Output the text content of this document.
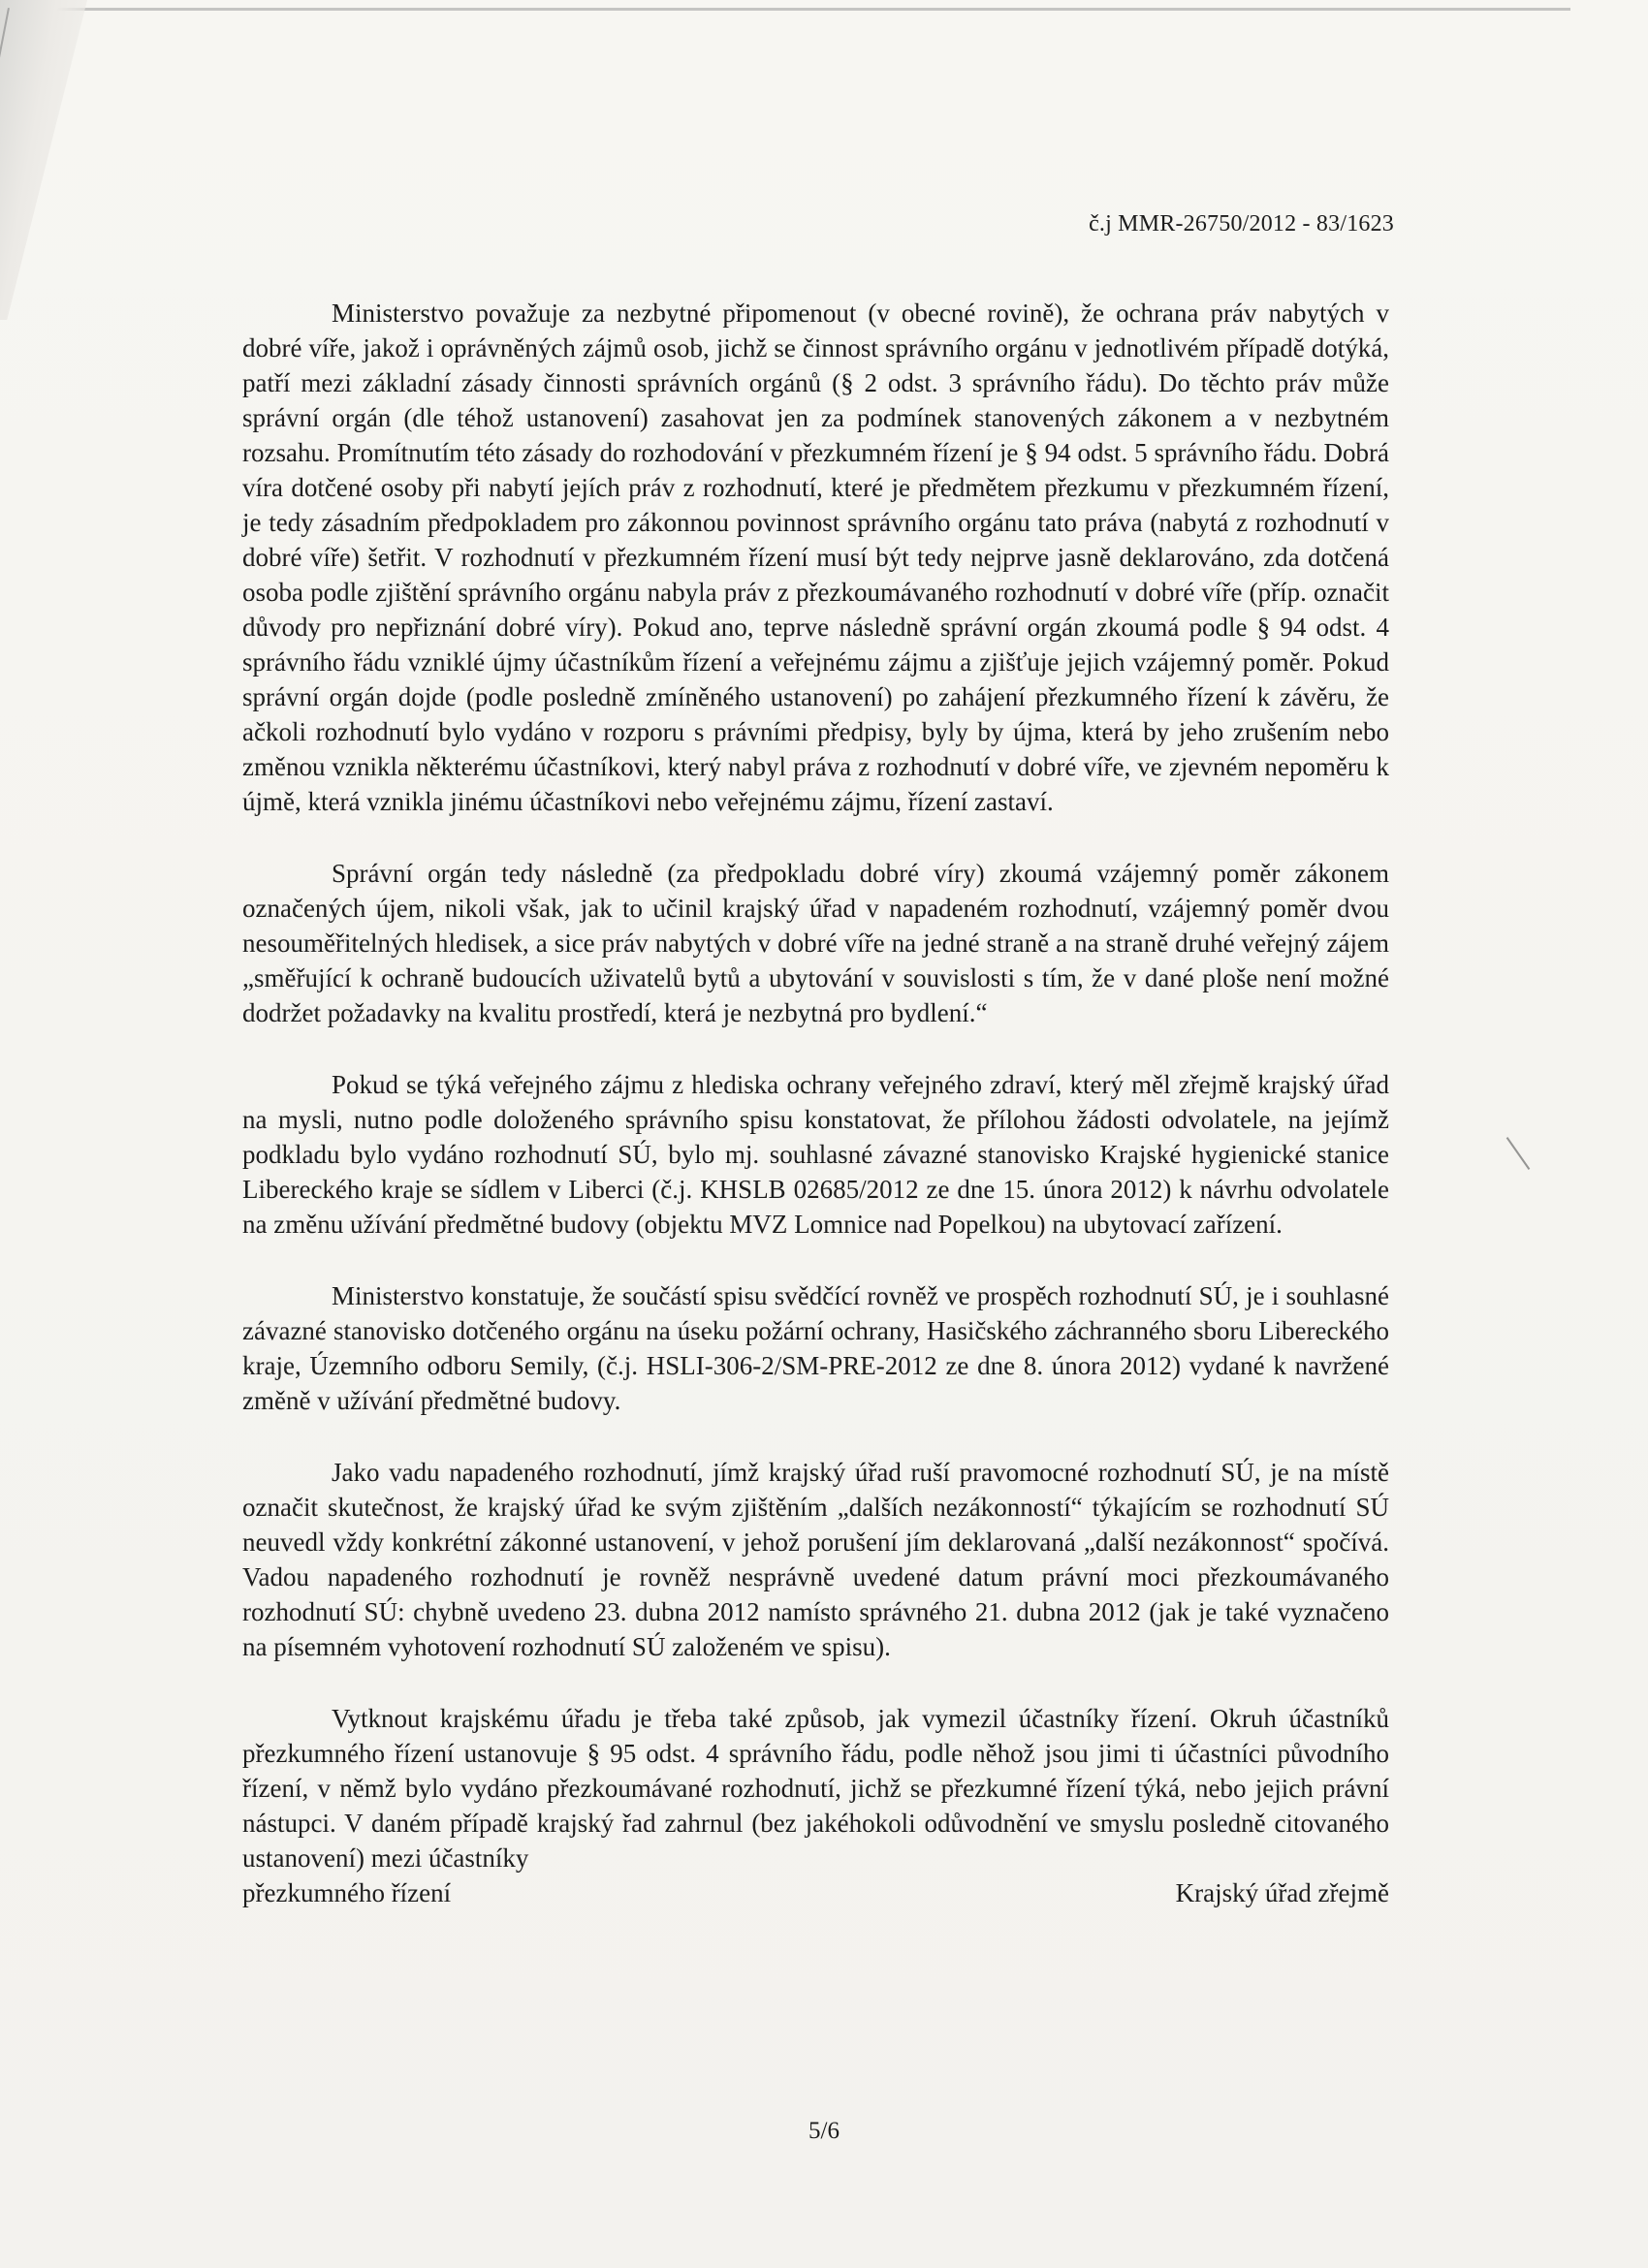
č.j MMR-26750/2012 - 83/1623

Ministerstvo považuje za nezbytné připomenout (v obecné rovině), že ochrana práv nabytých v dobré víře, jakož i oprávněných zájmů osob, jichž se činnost správního orgánu v jednotlivém případě dotýká, patří mezi základní zásady činnosti správních orgánů (§ 2 odst. 3 správního řádu). Do těchto práv může správní orgán (dle téhož ustanovení) zasahovat jen za podmínek stanovených zákonem a v nezbytném rozsahu. Promítnutím této zásady do rozhodování v přezkumném řízení je § 94 odst. 5 správního řádu. Dobrá víra dotčené osoby při nabytí jejích práv z rozhodnutí, které je předmětem přezkumu v přezkumném řízení, je tedy zásadním předpokladem pro zákonnou povinnost správního orgánu tato práva (nabytá z rozhodnutí v dobré víře) šetřit. V rozhodnutí v přezkumném řízení musí být tedy nejprve jasně deklarováno, zda dotčená osoba podle zjištění správního orgánu nabyla práv z přezkoumávaného rozhodnutí v dobré víře (příp. označit důvody pro nepřiznání dobré víry). Pokud ano, teprve následně správní orgán zkoumá podle § 94 odst. 4 správního řádu vzniklé újmy účastníkům řízení a veřejnému zájmu a zjišťuje jejich vzájemný poměr. Pokud správní orgán dojde (podle posledně zmíněného ustanovení) po zahájení přezkumného řízení k závěru, že ačkoli rozhodnutí bylo vydáno v rozporu s právními předpisy, byly by újma, která by jeho zrušením nebo změnou vznikla některému účastníkovi, který nabyl práva z rozhodnutí v dobré víře, ve zjevném nepoměru k újmě, která vznikla jinému účastníkovi nebo veřejnému zájmu, řízení zastaví.

Správní orgán tedy následně (za předpokladu dobré víry) zkoumá vzájemný poměr zákonem označených újem, nikoli však, jak to učinil krajský úřad v napadeném rozhodnutí, vzájemný poměr dvou nesouměřitelných hledisek, a sice práv nabytých v dobré víře na jedné straně a na straně druhé veřejný zájem „směřující k ochraně budoucích uživatelů bytů a ubytování v souvislosti s tím, že v dané ploše není možné dodržet požadavky na kvalitu prostředí, která je nezbytná pro bydlení.“

Pokud se týká veřejného zájmu z hlediska ochrany veřejného zdraví, který měl zřejmě krajský úřad na mysli, nutno podle doloženého správního spisu konstatovat, že přílohou žádosti odvolatele, na jejímž podkladu bylo vydáno rozhodnutí SÚ, bylo mj. souhlasné závazné stanovisko Krajské hygienické stanice Libereckého kraje se sídlem v Liberci (č.j. KHSLB 02685/2012 ze dne 15. února 2012) k návrhu odvolatele na změnu užívání předmětné budovy (objektu MVZ Lomnice nad Popelkou) na ubytovací zařízení.

Ministerstvo konstatuje, že součástí spisu svědčící rovněž ve prospěch rozhodnutí SÚ, je i souhlasné závazné stanovisko dotčeného orgánu na úseku požární ochrany, Hasičského záchranného sboru Libereckého kraje, Územního odboru Semily, (č.j. HSLI-306-2/SM-PRE-2012 ze dne 8. února 2012) vydané k navržené změně v užívání předmětné budovy.

Jako vadu napadeného rozhodnutí, jímž krajský úřad ruší pravomocné rozhodnutí SÚ, je na místě označit skutečnost, že krajský úřad ke svým zjištěním „dalších nezákonností“ týkajícím se rozhodnutí SÚ neuvedl vždy konkrétní zákonné ustanovení, v jehož porušení jím deklarovaná „další nezákonnost“ spočívá. Vadou napadeného rozhodnutí je rovněž nesprávně uvedené datum právní moci přezkoumávaného rozhodnutí SÚ: chybně uvedeno 23. dubna 2012 namísto správného 21. dubna 2012 (jak je také vyznačeno na písemném vyhotovení rozhodnutí SÚ založeném ve spisu).

Vytknout krajskému úřadu je třeba také způsob, jak vymezil účastníky řízení. Okruh účastníků přezkumného řízení ustanovuje § 95 odst. 4 správního řádu, podle něhož jsou jimi ti účastníci původního řízení, v němž bylo vydáno přezkoumávané rozhodnutí, jichž se přezkumné řízení týká, nebo jejich právní nástupci. V daném případě krajský řad zahrnul (bez jakéhokoli odůvodnění ve smyslu posledně citovaného ustanovení) mezi účastníky

přezkumného řízení	Krajský úřad zřejmě
5/6
